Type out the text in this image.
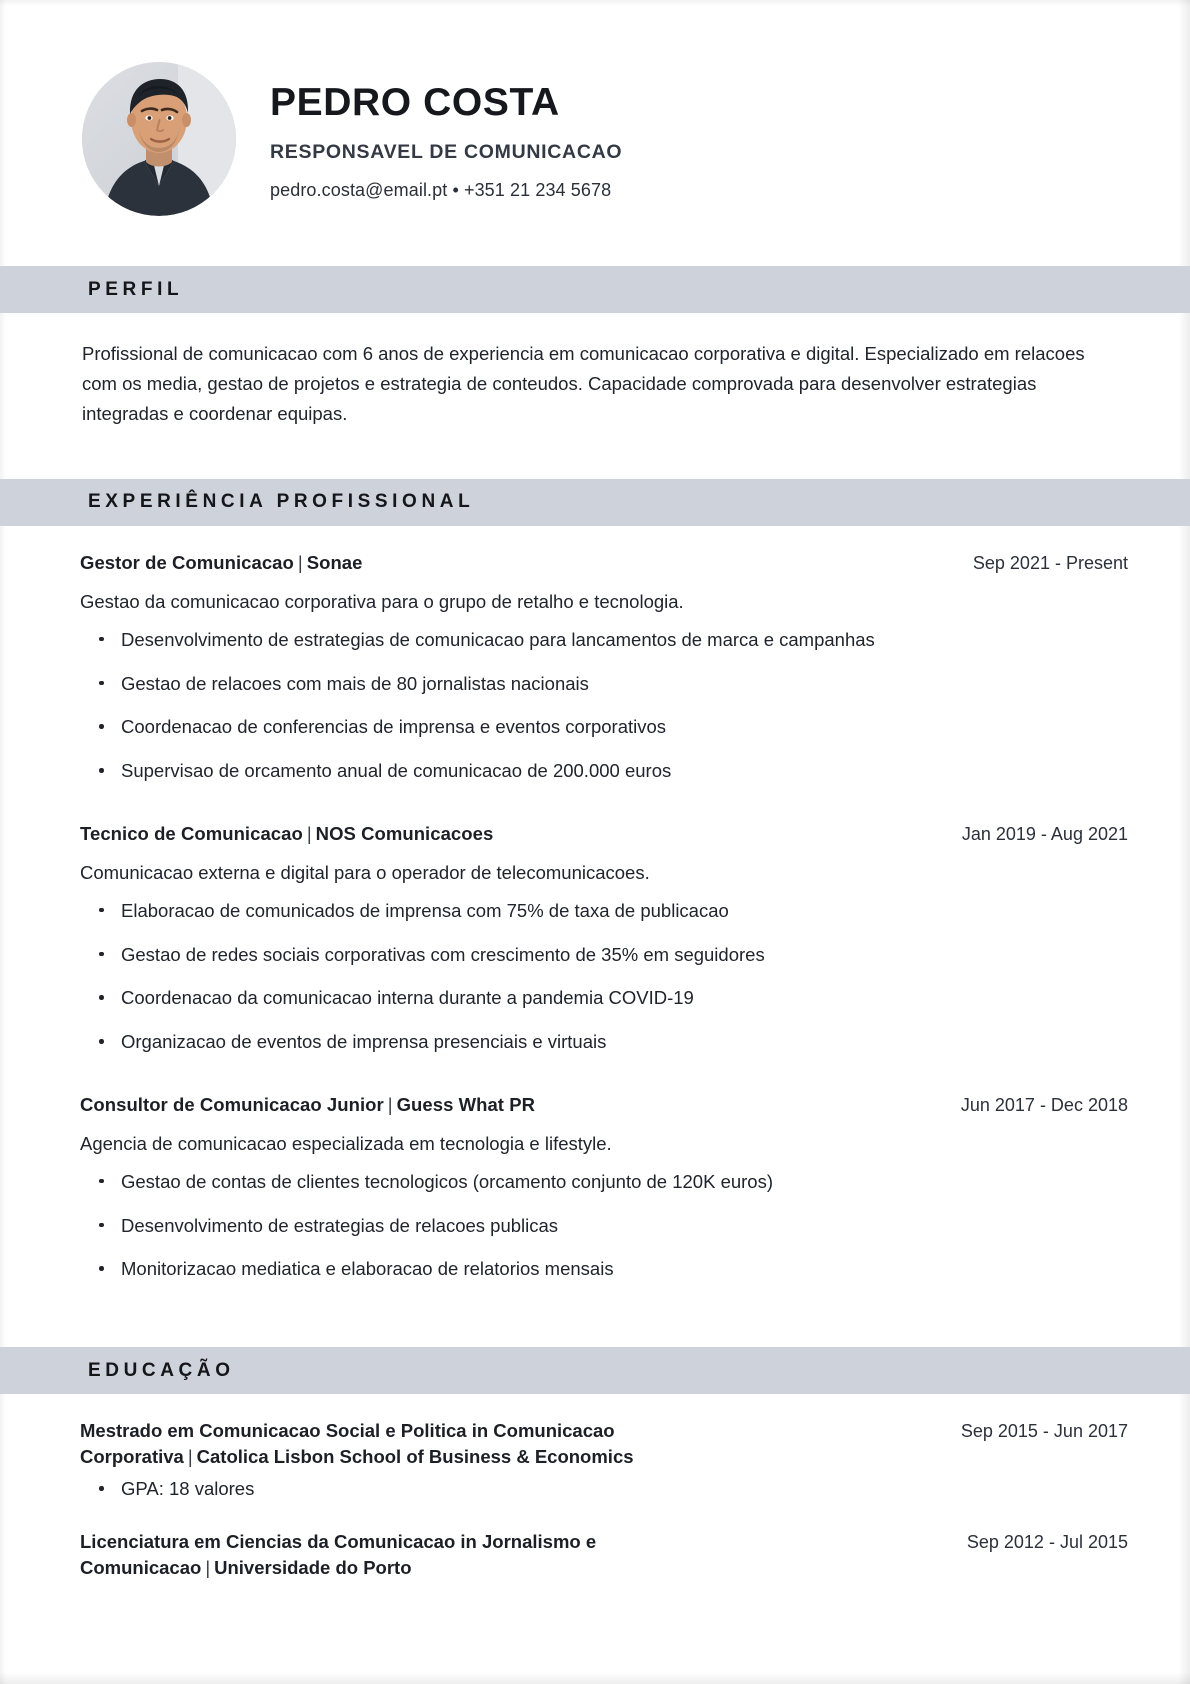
PEDRO COSTA
RESPONSAVEL DE COMUNICACAO
pedro.costa@email.pt • +351 21 234 5678
PERFIL

Profissional de comunicacao com 6 anos de experiencia em comunicacao corporativa e digital. Especializado em relacoes com os media, gestao de projetos e estrategia de conteudos. Capacidade comprovada para desenvolver estrategias integradas e coordenar equipas.

EXPERIÊNCIA PROFISSIONAL
Gestor de Comunicacao | Sonae	Sep 2021 - Present
Gestao da comunicacao corporativa para o grupo de retalho e tecnologia.
Desenvolvimento de estrategias de comunicacao para lancamentos de marca e campanhas
Gestao de relacoes com mais de 80 jornalistas nacionais
Coordenacao de conferencias de imprensa e eventos corporativos
Supervisao de orcamento anual de comunicacao de 200.000 euros
Tecnico de Comunicacao | NOS Comunicacoes	Jan 2019 - Aug 2021
Comunicacao externa e digital para o operador de telecomunicacoes.
Elaboracao de comunicados de imprensa com 75% de taxa de publicacao
Gestao de redes sociais corporativas com crescimento de 35% em seguidores
Coordenacao da comunicacao interna durante a pandemia COVID-19
Organizacao de eventos de imprensa presenciais e virtuais
Consultor de Comunicacao Junior | Guess What PR	Jun 2017 - Dec 2018
Agencia de comunicacao especializada em tecnologia e lifestyle.
Gestao de contas de clientes tecnologicos (orcamento conjunto de 120K euros)
Desenvolvimento de estrategias de relacoes publicas
Monitorizacao mediatica e elaboracao de relatorios mensais
EDUCAÇÃO
Mestrado em Comunicacao Social e Politica in Comunicacao Corporativa | Catolica Lisbon School of Business & Economics
Sep 2015 - Jun 2017
GPA: 18 valores
Licenciatura em Ciencias da Comunicacao in Jornalismo e Comunicacao | Universidade do Porto
Sep 2012 - Jul 2015
